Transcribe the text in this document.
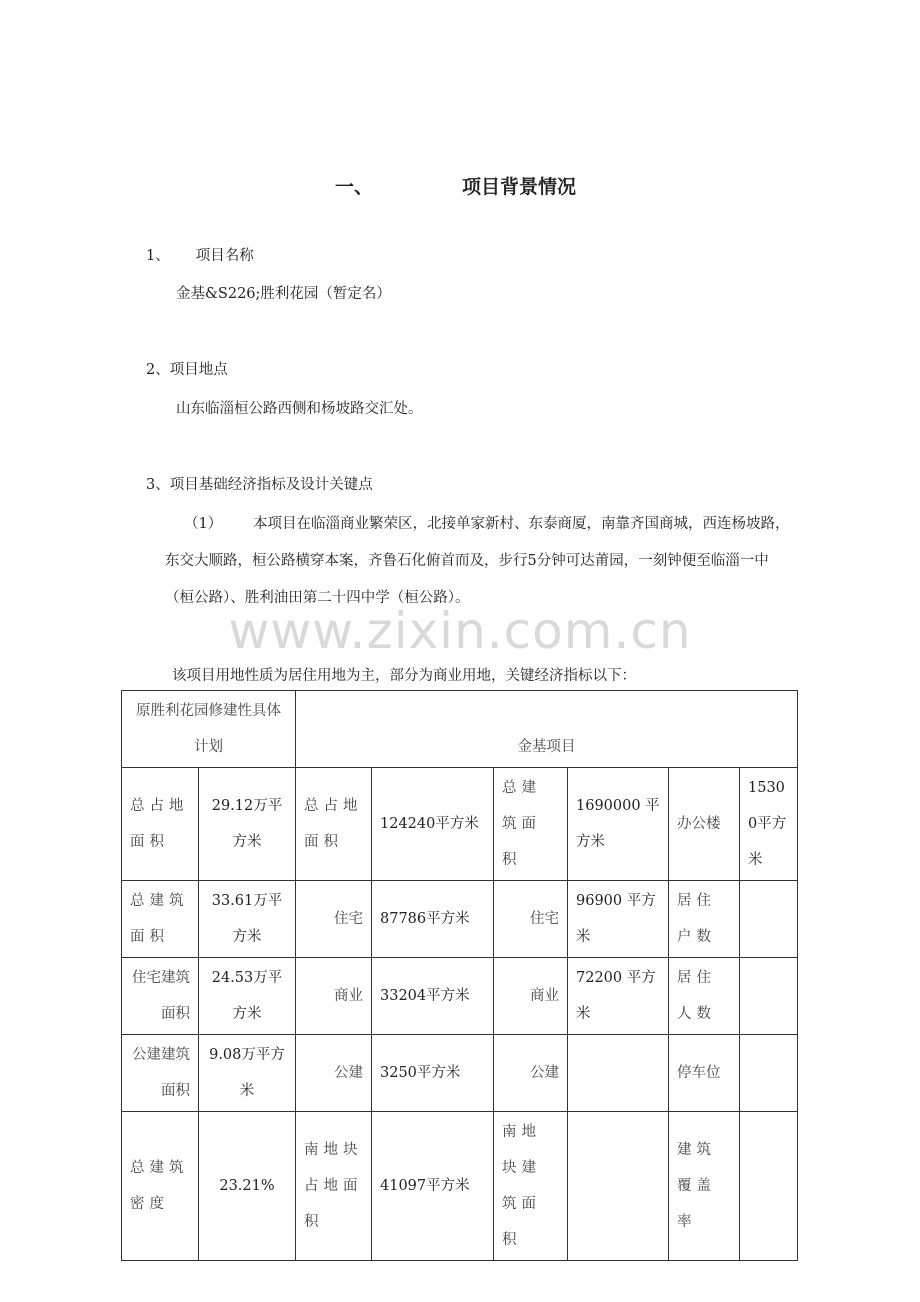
一、	项目背景情况
1、 项目名称
金基&S226;胜利花园（暂定名）
2、项目地点
山东临淄桓公路西侧和杨坡路交汇处。
3、项目基础经济指标及设计关键点
（1） 本项目在临淄商业繁荣区，北接单家新村、东泰商厦，南靠齐国商城，西连杨坡路，东交大顺路，桓公路横穿本案，齐鲁石化俯首而及，步行5分钟可达莆园，一刻钟便至临淄一中（桓公路）、胜利油田第二十四中学（桓公路）。
www.zixin.com.cn
该项目用地性质为居住用地为主，部分为商业用地，关键经济指标以下：
原胜利花园修建性具体计划		金基项目					
总占地面积	29.12万平方米	总占地面积	124240平方米	总建筑面积	1690000 平方米	办公楼	15300平方米
总建筑面积	33.61万平方米	住宅	87786平方米	住宅	96900 平方米	居住户数	
住宅建筑面积	24.53万平方米	商业	33204平方米	商业	72200 平方米	居住人数	
公建建筑面积	9.08万平方米	公建	3250平方米	公建		停车位	
总建筑密度	23.21%	南地块占地面积	41097平方米	南地块建筑面积		建筑覆盖率	
